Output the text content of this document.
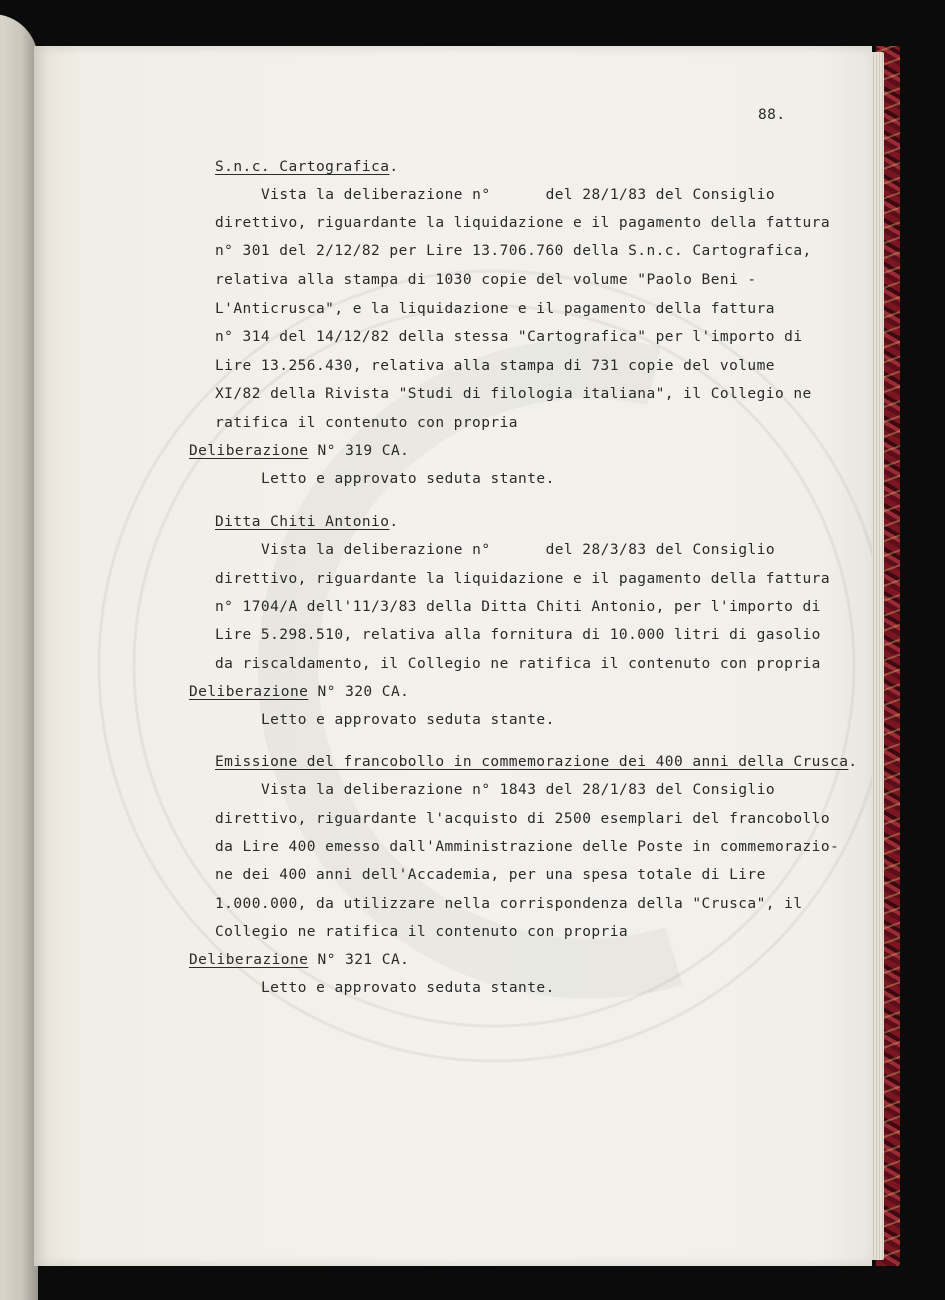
88.
S.n.c. Cartografica.
Vista la deliberazione n°      del 28/1/83 del Consiglio
direttivo, riguardante la liquidazione e il pagamento della fattura
n° 301 del 2/12/82 per Lire 13.706.760 della S.n.c. Cartografica,
relativa alla stampa di 1030 copie del volume "Paolo Beni -
L'Anticrusca", e la liquidazione e il pagamento della fattura
n° 314 del 14/12/82 della stessa "Cartografica" per l'importo di
Lire 13.256.430, relativa alla stampa di 731 copie del volume
XI/82 della Rivista "Studi di filologia italiana", il Collegio ne
ratifica il contenuto con propria
Deliberazione N° 319 CA.
Letto e approvato seduta stante.
Ditta Chiti Antonio.
Vista la deliberazione n°      del 28/3/83 del Consiglio
direttivo, riguardante la liquidazione e il pagamento della fattura
n° 1704/A dell'11/3/83 della Ditta Chiti Antonio, per l'importo di
Lire 5.298.510, relativa alla fornitura di 10.000 litri di gasolio
da riscaldamento, il Collegio ne ratifica il contenuto con propria
Deliberazione N° 320 CA.
Letto e approvato seduta stante.
Emissione del francobollo in commemorazione dei 400 anni della Crusca.
Vista la deliberazione n° 1843 del 28/1/83 del Consiglio
direttivo, riguardante l'acquisto di 2500 esemplari del francobollo
da Lire 400 emesso dall'Amministrazione delle Poste in commemorazio-
ne dei 400 anni dell'Accademia, per una spesa totale di Lire
1.000.000, da utilizzare nella corrispondenza della "Crusca", il
Collegio ne ratifica il contenuto con propria
Deliberazione N° 321 CA.
Letto e approvato seduta stante.
